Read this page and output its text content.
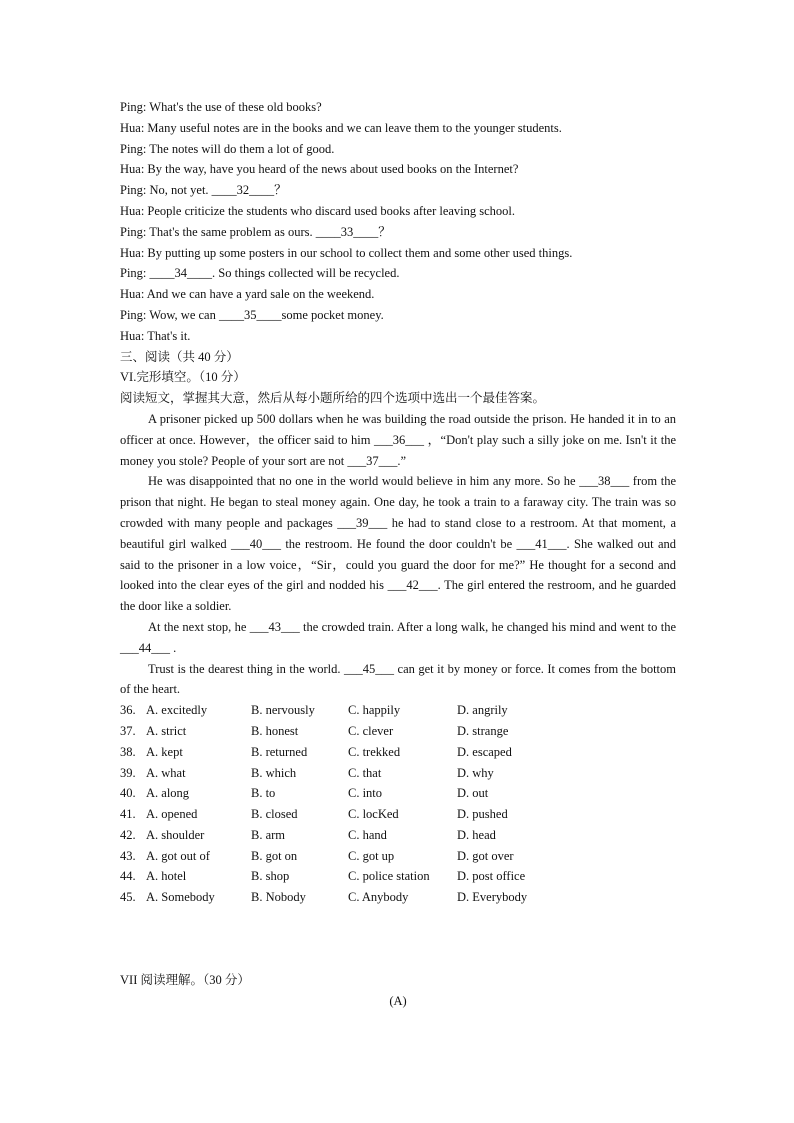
Ping: What's the use of these old books?
Hua: Many useful notes are in the books and we can leave them to the younger students.
Ping: The notes will do them a lot of good.
Hua: By the way, have you heard of the news about used books on the Internet?
Ping: No, not yet. ____32____？
Hua: People criticize the students who discard used books after leaving school.
Ping: That's the same problem as ours. ____33____？
Hua: By putting up some posters in our school to collect them and some other used things.
Ping: ____34____. So things collected will be recycled.
Hua: And we can have a yard sale on the weekend.
Ping: Wow, we can ____35____some pocket money.
Hua: That's it.
三、阅读（共 40 分）
VI.完形填空。（10 分）
阅读短文，掌握其大意，然后从每小题所给的四个选项中选出一个最佳答案。

A prisoner picked up 500 dollars when he was building the road outside the prison. He handed it in to an officer at once. However，the officer said to him ___36___ ，“Don't play such a silly joke on me. Isn't it the money you stole? People of your sort are not ___37___.”

He was disappointed that no one in the world would believe in him any more. So he ___38___ from the prison that night. He began to steal money again. One day, he took a train to a faraway city. The train was so crowded with many people and packages ___39___ he had to stand close to a restroom. At that moment, a beautiful girl walked ___40___ the restroom. He found the door couldn't be ___41___. She walked out and said to the prisoner in a low voice，“Sir，could you guard the door for me?” He thought for a second and looked into the clear eyes of the girl and nodded his ___42___. The girl entered the restroom, and he guarded the door like a soldier.

At the next stop, he ___43___ the crowded train. After a long walk, he changed his mind and went to the ___44___ .

Trust is the dearest thing in the world. ___45___ can get it by money or force. It comes from the bottom of the heart.

36. A. excitedly	B. nervously	C. happily	D. angrily
37. A. strict	B. honest	C. clever	D. strange
38. A. kept	B. returned	C. trekked	D. escaped
39. A. what	B. which	C. that	D. why
40. A. along	B. to	C. into	D. out
41. A. opened	B. closed	C. locKed	D. pushed
42. A. shoulder	B. arm	C. hand	D. head
43. A. got out of	B. got on	C. got up	D. got over
44. A. hotel	B. shop	C. police station D. post office
45. A. Somebody	B. Nobody	C. Anybody	D. Everybody
VII 阅读理解。（30 分）
(A)
